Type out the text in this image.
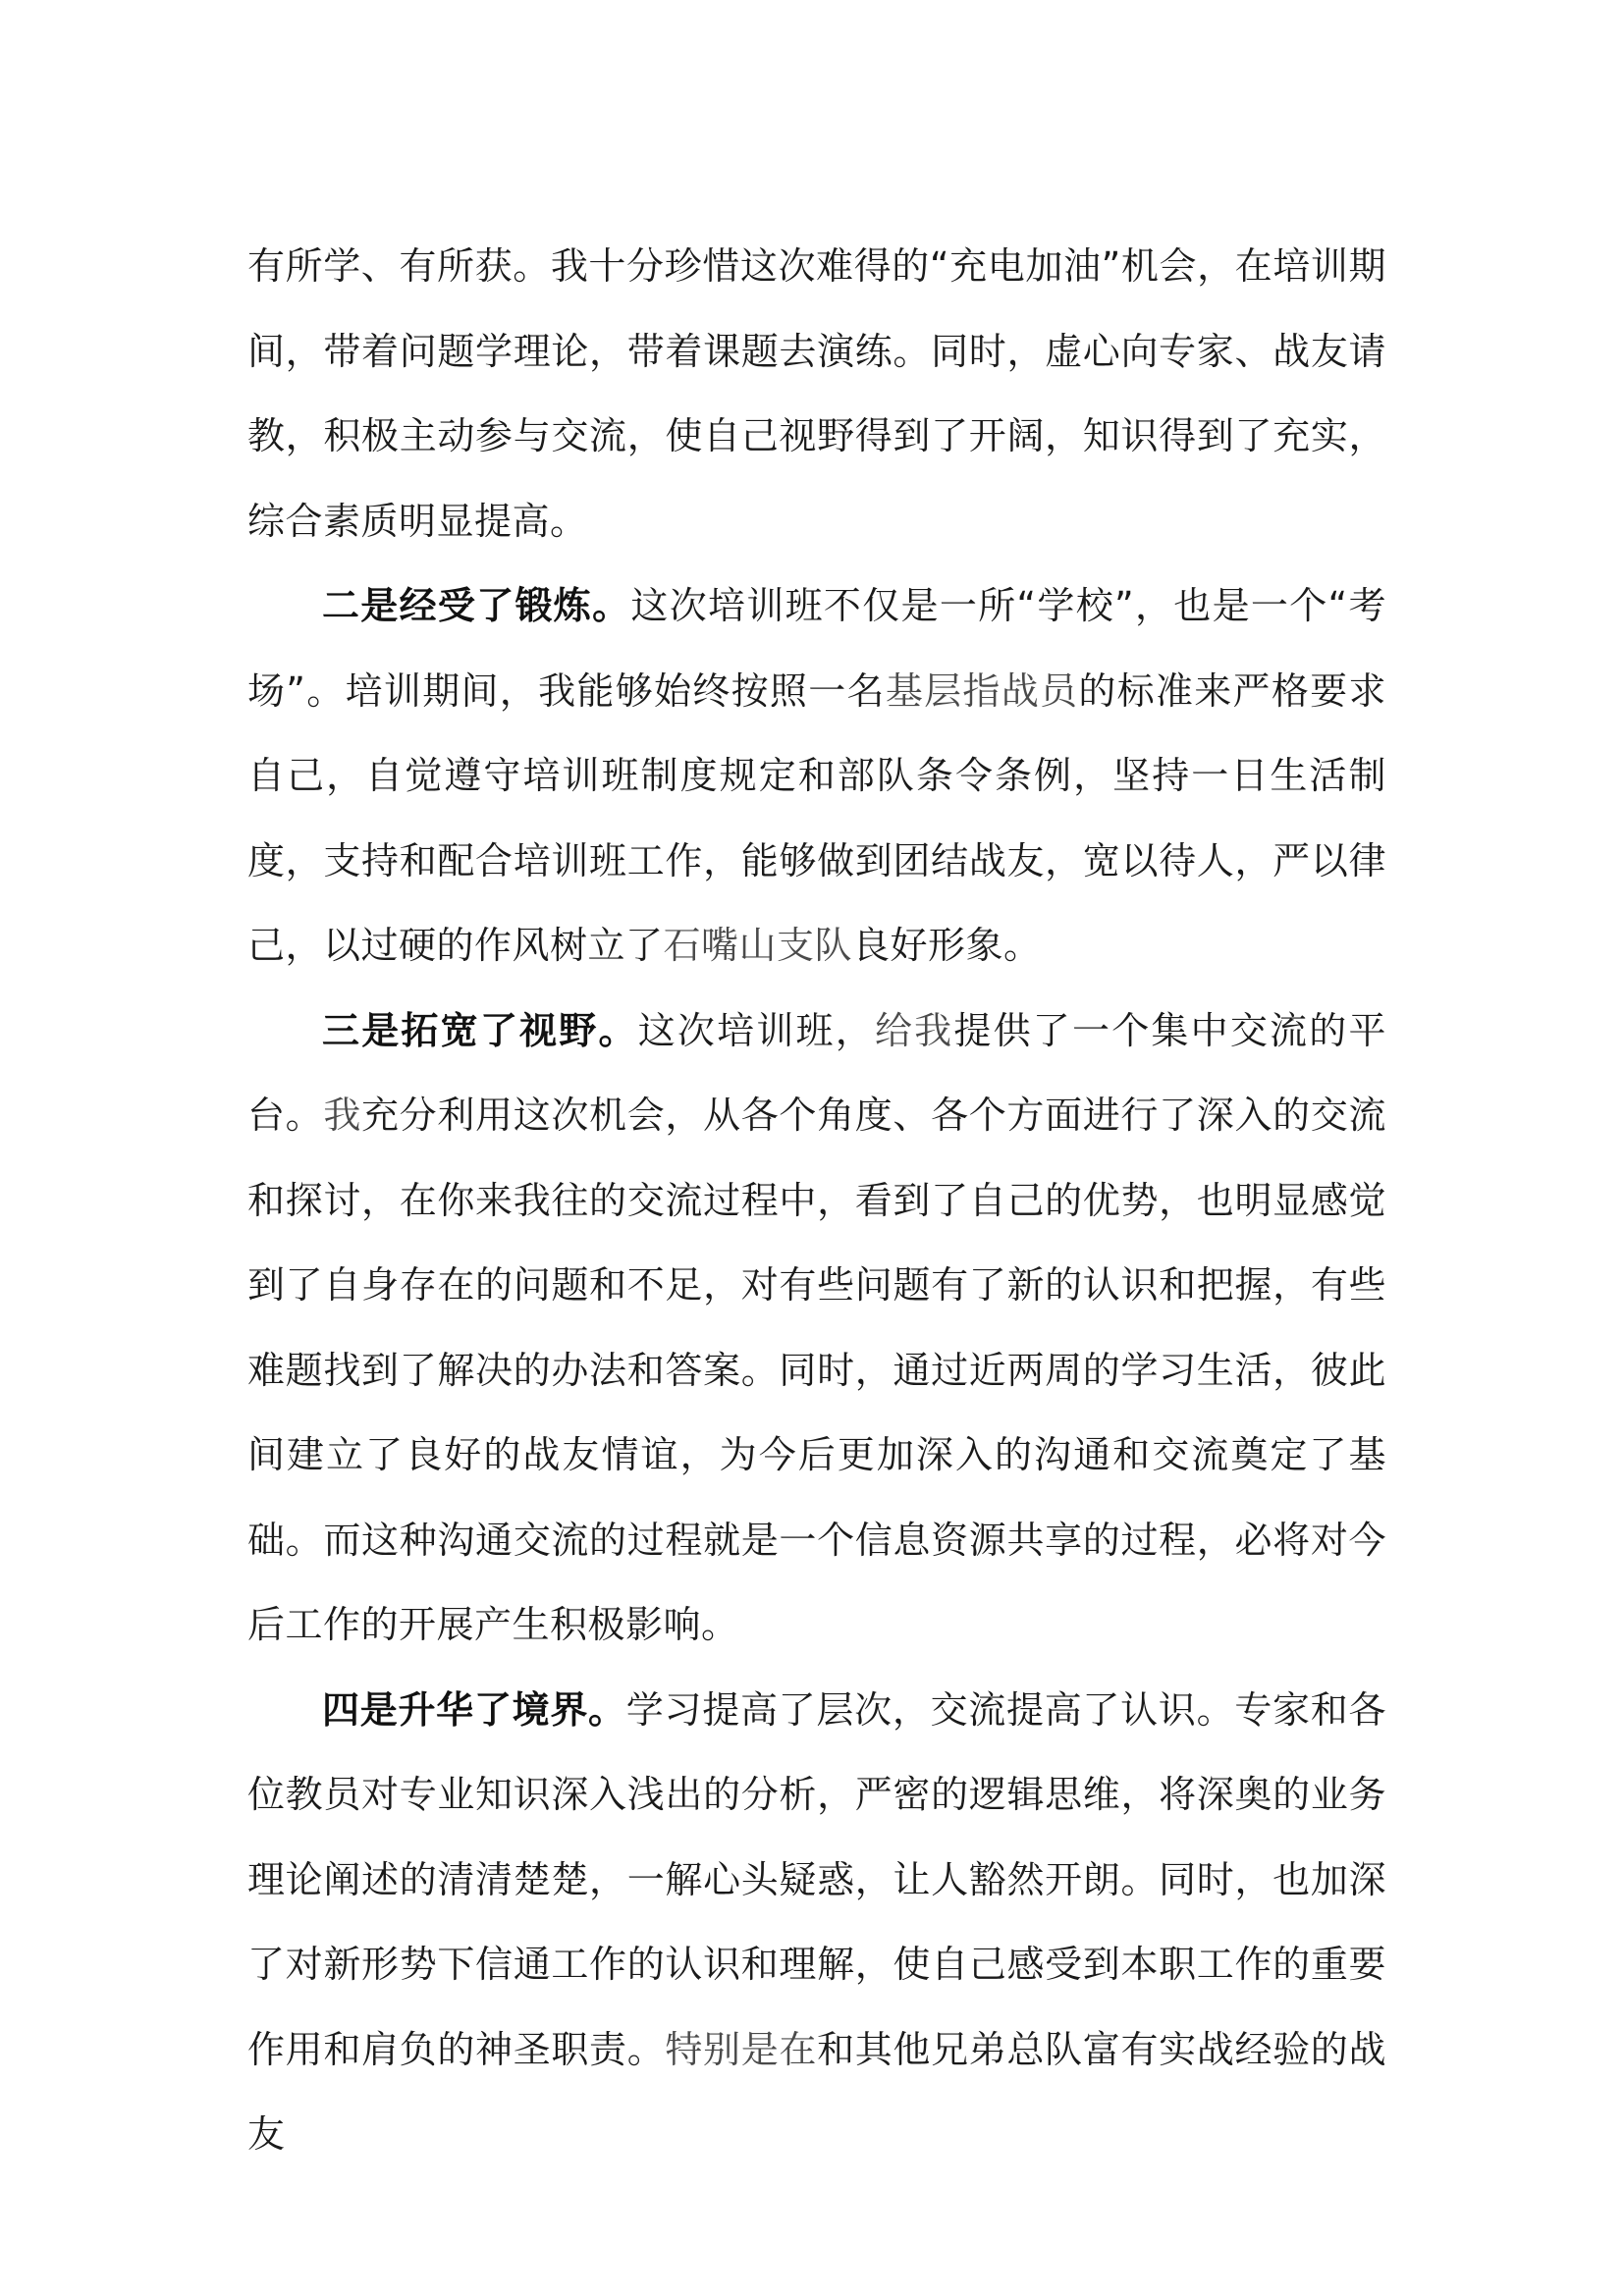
有所学、有所获。我十分珍惜这次难得的“充电加油”机会，在培训期间，带着问题学理论，带着课题去演练。同时，虚心向专家、战友请教，积极主动参与交流，使自己视野得到了开阔，知识得到了充实，综合素质明显提高。

二是经受了锻炼。这次培训班不仅是一所“学校”，也是一个“考场”。培训期间，我能够始终按照一名基层指战员的标准来严格要求自己，自觉遵守培训班制度规定和部队条令条例，坚持一日生活制度，支持和配合培训班工作，能够做到团结战友，宽以待人，严以律己，以过硬的作风树立了石嘴山支队良好形象。

三是拓宽了视野。这次培训班，给我提供了一个集中交流的平台。我充分利用这次机会，从各个角度、各个方面进行了深入的交流和探讨，在你来我往的交流过程中，看到了自己的优势，也明显感觉到了自身存在的问题和不足，对有些问题有了新的认识和把握，有些难题找到了解决的办法和答案。同时，通过近两周的学习生活，彼此间建立了良好的战友情谊，为今后更加深入的沟通和交流奠定了基础。而这种沟通交流的过程就是一个信息资源共享的过程，必将对今后工作的开展产生积极影响。

四是升华了境界。学习提高了层次，交流提高了认识。专家和各位教员对专业知识深入浅出的分析，严密的逻辑思维，将深奥的业务理论阐述的清清楚楚，一解心头疑惑，让人豁然开朗。同时，也加深了对新形势下信通工作的认识和理解，使自己感受到本职工作的重要作用和肩负的神圣职责。特别是在和其他兄弟总队富有实战经验的战友
